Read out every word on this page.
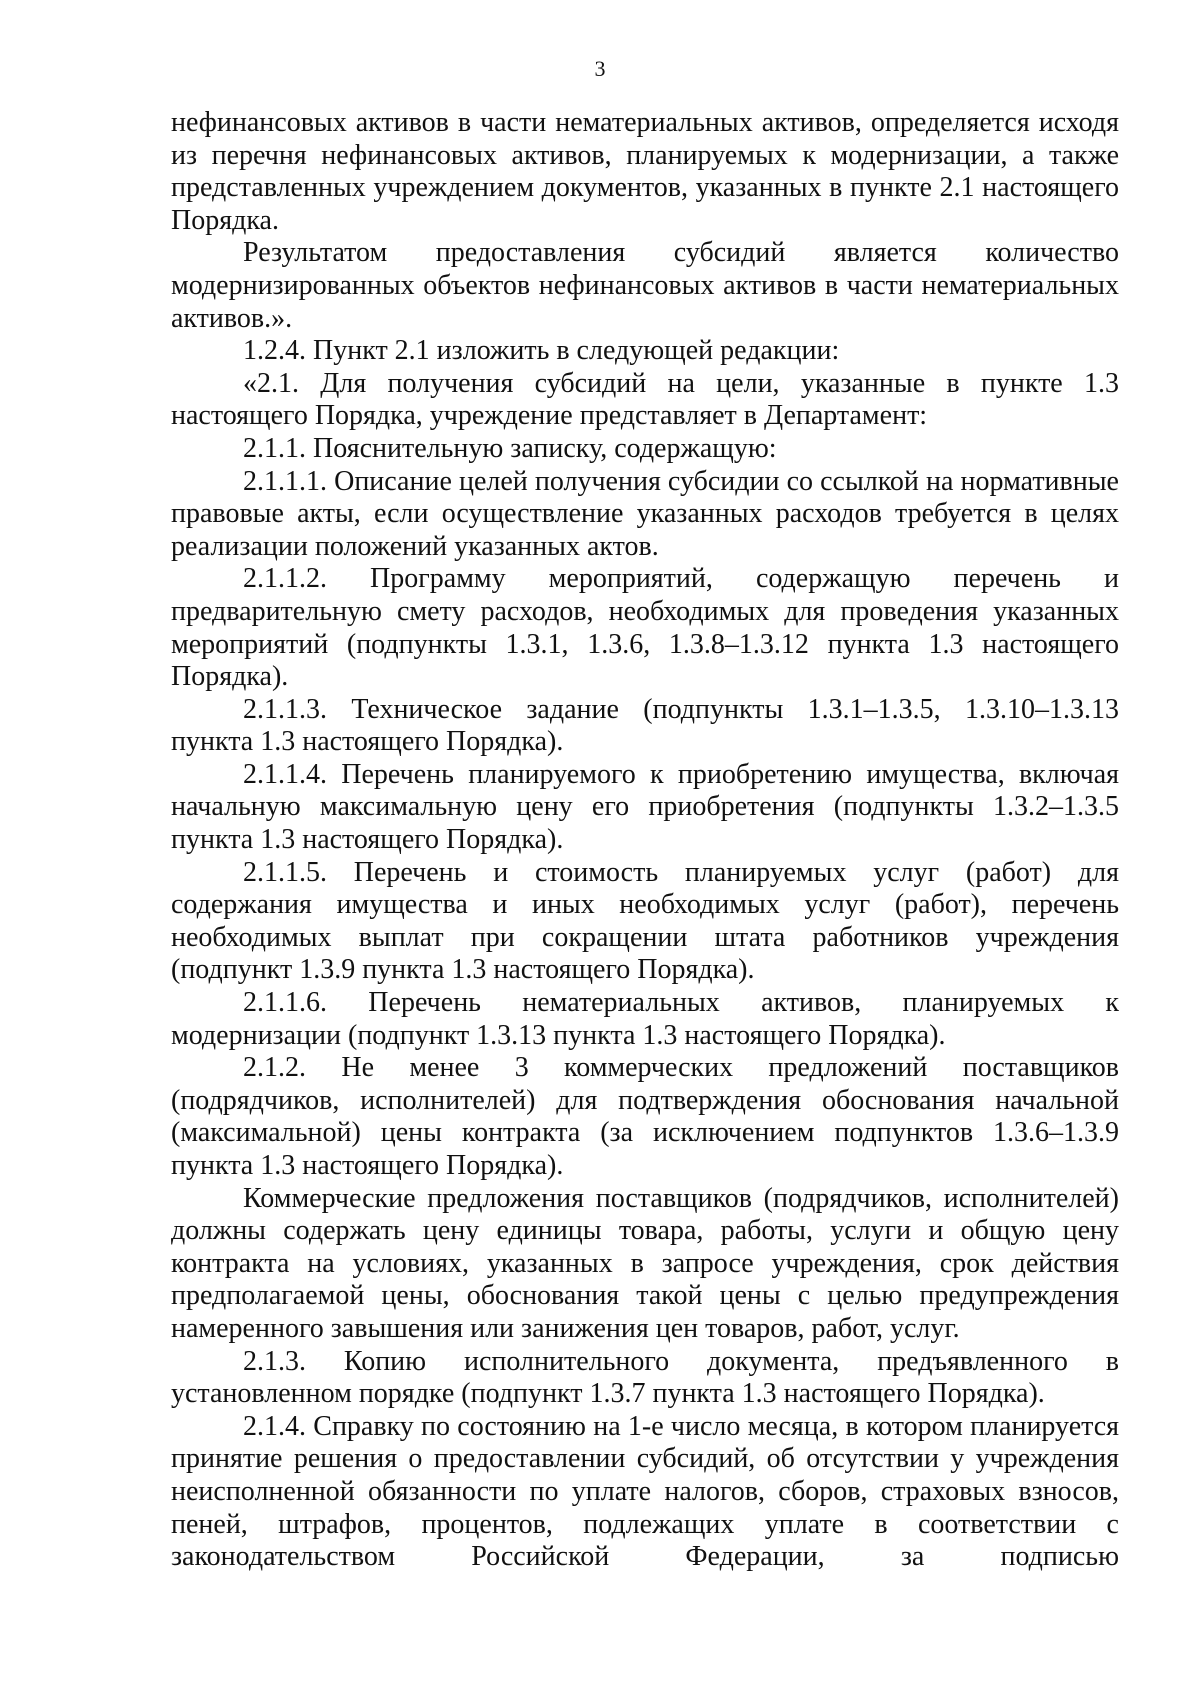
3

нефинансовых активов в части нематериальных активов, определяется исходя из перечня нефинансовых активов, планируемых к модернизации, а также представленных учреждением документов, указанных в пункте 2.1 настоящего Порядка.

Результатом предоставления субсидий является количество модернизированных объектов нефинансовых активов в части нематериальных активов.».

1.2.4. Пункт 2.1 изложить в следующей редакции:

«2.1. Для получения субсидий на цели, указанные в пункте 1.3 настоящего Порядка, учреждение представляет в Департамент:

2.1.1. Пояснительную записку, содержащую:

2.1.1.1. Описание целей получения субсидии со ссылкой на нормативные правовые акты, если осуществление указанных расходов требуется в целях реализации положений указанных актов.

2.1.1.2. Программу мероприятий, содержащую перечень и предварительную смету расходов, необходимых для проведения указанных мероприятий (подпункты 1.3.1, 1.3.6, 1.3.8–1.3.12 пункта 1.3 настоящего Порядка).

2.1.1.3. Техническое задание (подпункты 1.3.1–1.3.5, 1.3.10–1.3.13 пункта 1.3 настоящего Порядка).

2.1.1.4. Перечень планируемого к приобретению имущества, включая начальную максимальную цену его приобретения (подпункты 1.3.2–1.3.5 пункта 1.3 настоящего Порядка).

2.1.1.5. Перечень и стоимость планируемых услуг (работ) для содержания имущества и иных необходимых услуг (работ), перечень необходимых выплат при сокращении штата работников учреждения (подпункт 1.3.9 пункта 1.3 настоящего Порядка).

2.1.1.6. Перечень нематериальных активов, планируемых к модернизации (подпункт 1.3.13 пункта 1.3 настоящего Порядка).

2.1.2. Не менее 3 коммерческих предложений поставщиков (подрядчиков, исполнителей) для подтверждения обоснования начальной (максимальной) цены контракта (за исключением подпунктов 1.3.6–1.3.9 пункта 1.3 настоящего Порядка).

Коммерческие предложения поставщиков (подрядчиков, исполнителей) должны содержать цену единицы товара, работы, услуги и общую цену контракта на условиях, указанных в запросе учреждения, срок действия предполагаемой цены, обоснования такой цены с целью предупреждения намеренного завышения или занижения цен товаров, работ, услуг.

2.1.3. Копию исполнительного документа, предъявленного в установленном порядке (подпункт 1.3.7 пункта 1.3 настоящего Порядка).

2.1.4. Справку по состоянию на 1-е число месяца, в котором планируется принятие решения о предоставлении субсидий, об отсутствии у учреждения неисполненной обязанности по уплате налогов, сборов, страховых взносов, пеней, штрафов, процентов, подлежащих уплате в соответствии с законодательством Российской Федерации, за подписью
